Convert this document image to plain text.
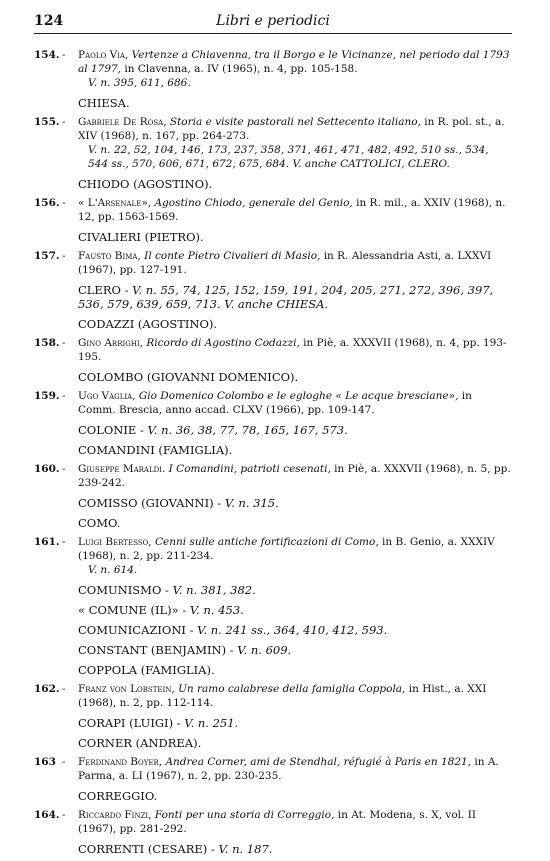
124	Libri e periodici
154. - Paolo Via, Vertenze a Chiavenna, tra il Borgo e le Vicinanze, nel periodo dal 1793 al 1797, in Clavenna, a. IV (1965), n. 4, pp. 105-158.
V. n. 395, 611, 686.
CHIESA.
155. - Gabriele De Rosa, Storia e visite pastorali nel Settecento italiano, in R. pol. st., a. XIV (1968), n. 167, pp. 264-273.
V. n. 22, 52, 104, 146, 173, 237, 358, 371, 461, 471, 482, 492, 510 ss., 534, 544 ss., 570, 606, 671, 672, 675, 684. V. anche CATTOLICI, CLERO.
CHIODO (AGOSTINO).
156. - « L'Arsenale», Agostino Chiodo, generale del Genio, in R. mil., a. XXIV (1968), n. 12, pp. 1563-1569.
CIVALIERI (PIETRO).
157. - Fausto Bima, Il conte Pietro Civalieri di Masio, in R. Alessandria Asti, a. LXXVI (1967), pp. 127-191.
CLERO - V. n. 55, 74, 125, 152, 159, 191, 204, 205, 271, 272, 396, 397, 536, 579, 639, 659, 713. V. anche CHIESA.
CODAZZI (AGOSTINO).
158. - Gino Arrighi, Ricordo di Agostino Codazzi, in Piè, a. XXXVII (1968), n. 4, pp. 193-195.
COLOMBO (GIOVANNI DOMENICO).
159. - Ugo Vaglia, Gio Domenico Colombo e le egloghe « Le acque bresciane», in Comm. Brescia, anno accad. CLXV (1966), pp. 109-147.
COLONIE - V. n. 36, 38, 77, 78, 165, 167, 573.
COMANDINI (FAMIGLIA).
160. - Giuseppe Maraldi. I Comandini, patrioti cesenati, in Piè, a. XXXVII (1968), n. 5, pp. 239-242.
COMISSO (GIOVANNI) - V. n. 315.
COMO.
161. - Luigi Bertesso, Cenni sulle antiche fortificazioni di Como, in B. Genio, a. XXXIV (1968), n. 2, pp. 211-234.
V. n. 614.
COMUNISMO - V. n. 381, 382.
« COMUNE (IL)» - V. n. 453.
COMUNICAZIONI - V. n. 241 ss., 364, 410, 412, 593.
CONSTANT (BENJAMIN) - V. n. 609.
COPPOLA (FAMIGLIA).
162. - Franz von Lobstein, Un ramo calabrese della famiglia Coppola, in Hist., a. XXI (1968), n. 2, pp. 112-114.
CORAPI (LUIGI) - V. n. 251.
CORNER (ANDREA).
163 - Ferdinand Boyer, Andrea Corner, ami de Stendhal, réfugié à Paris en 1821, in A. Parma, a. LI (1967), n. 2, pp. 230-235.
CORREGGIO.
164. - Riccardo Finzi, Fonti per una storia di Correggio, in At. Modena, s. X, vol. II (1967), pp. 281-292.
CORRENTI (CESARE) - V. n. 187.
